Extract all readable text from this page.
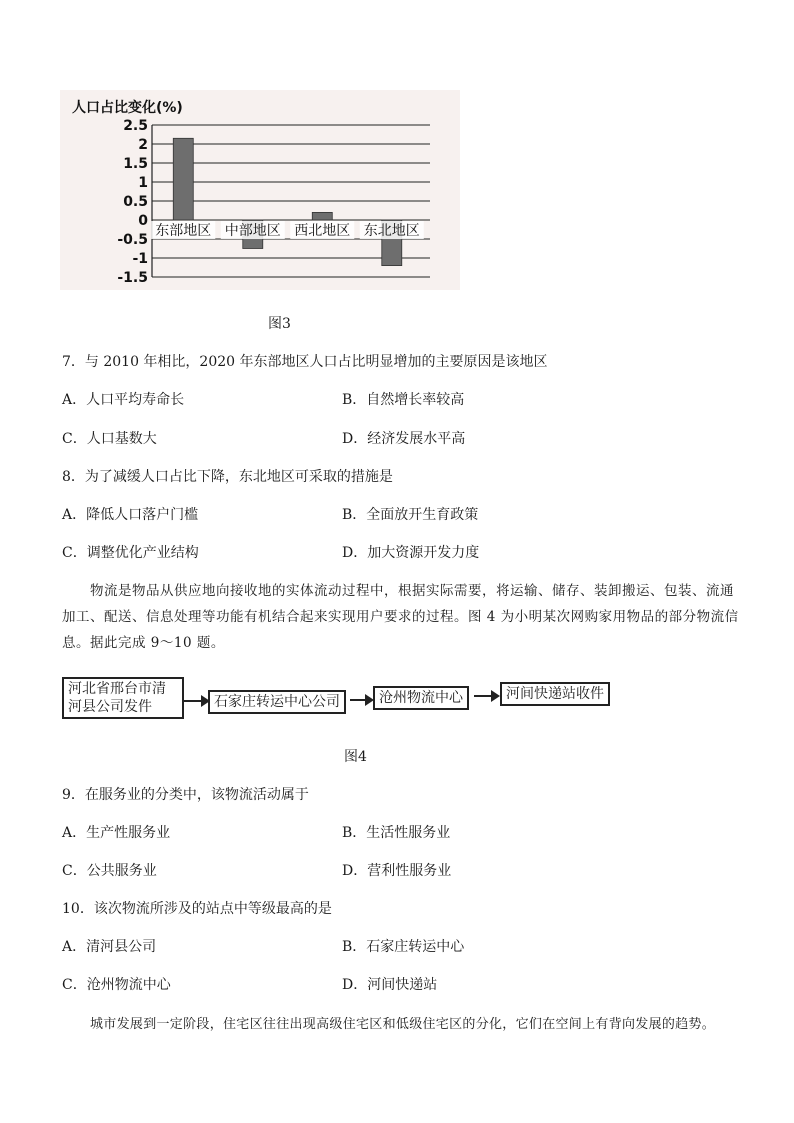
人口占比变化(%)
2.5
2
1.5
1
0.5
0
-0.5
-1
-1.5
东部地区 中部地区 西北地区 东北地区
图3
7．与 2010 年相比，2020 年东部地区人口占比明显增加的主要原因是该地区
A．人口平均寿命长	B．自然增长率较高
C．人口基数大	D．经济发展水平高
8．为了减缓人口占比下降，东北地区可采取的措施是
A．降低人口落户门槛	B．全面放开生育政策
C．调整优化产业结构	D．加大资源开发力度
物流是物品从供应地向接收地的实体流动过程中，根据实际需要，将运输、储存、装卸搬运、包装、流通
加工、配送、信息处理等功能有机结合起来实现用户要求的过程。图 4 为小明某次网购家用物品的部分物流信
息。据此完成 9～10 题。
河北省邢台市清
河县公司发件	石家庄转运中心公司	沧州物流中心	河间快递站收件
图4
9．在服务业的分类中，该物流活动属于
A．生产性服务业	B．生活性服务业
C．公共服务业	D．营利性服务业
10．该次物流所涉及的站点中等级最高的是
A．清河县公司	B．石家庄转运中心
C．沧州物流中心	D．河间快递站
城市发展到一定阶段，住宅区往往出现高级住宅区和低级住宅区的分化，它们在空间上有背向发展的趋势。
